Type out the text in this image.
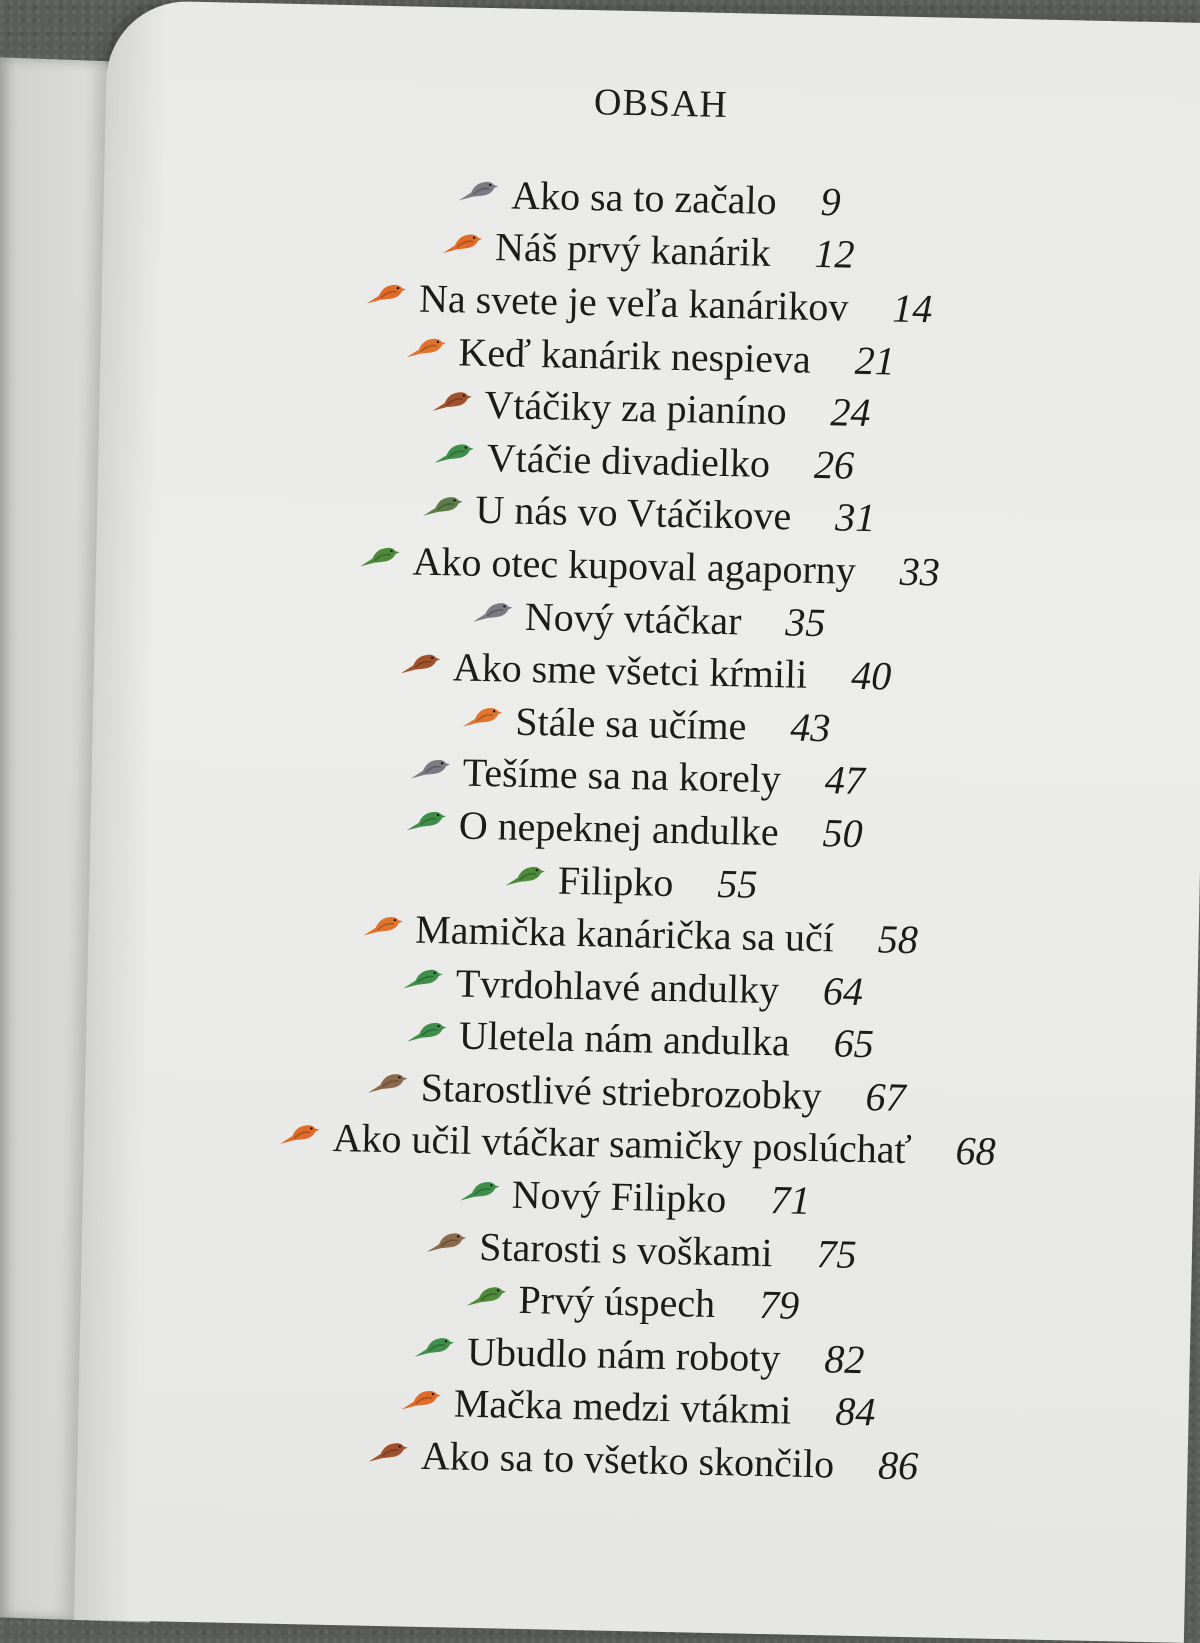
OBSAH
Ako sa to začalo 9
Náš prvý kanárik 12
Na svete je veľa kanárikov 14
Keď kanárik nespieva 21
Vtáčiky za pianíno 24
Vtáčie divadielko 26
U nás vo Vtáčikove 31
Ako otec kupoval agaporny 33
Nový vtáčkar 35
Ako sme všetci kŕmili 40
Stále sa učíme 43
Tešíme sa na korely 47
O nepeknej andulke 50
Filipko 55
Mamička kanárička sa učí 58
Tvrdohlavé andulky 64
Uletela nám andulka 65
Starostlivé striebrozobky 67
Ako učil vtáčkar samičky poslúchať 68
Nový Filipko 71
Starosti s voškami 75
Prvý úspech 79
Ubudlo nám roboty 82
Mačka medzi vtákmi 84
Ako sa to všetko skončilo 86
